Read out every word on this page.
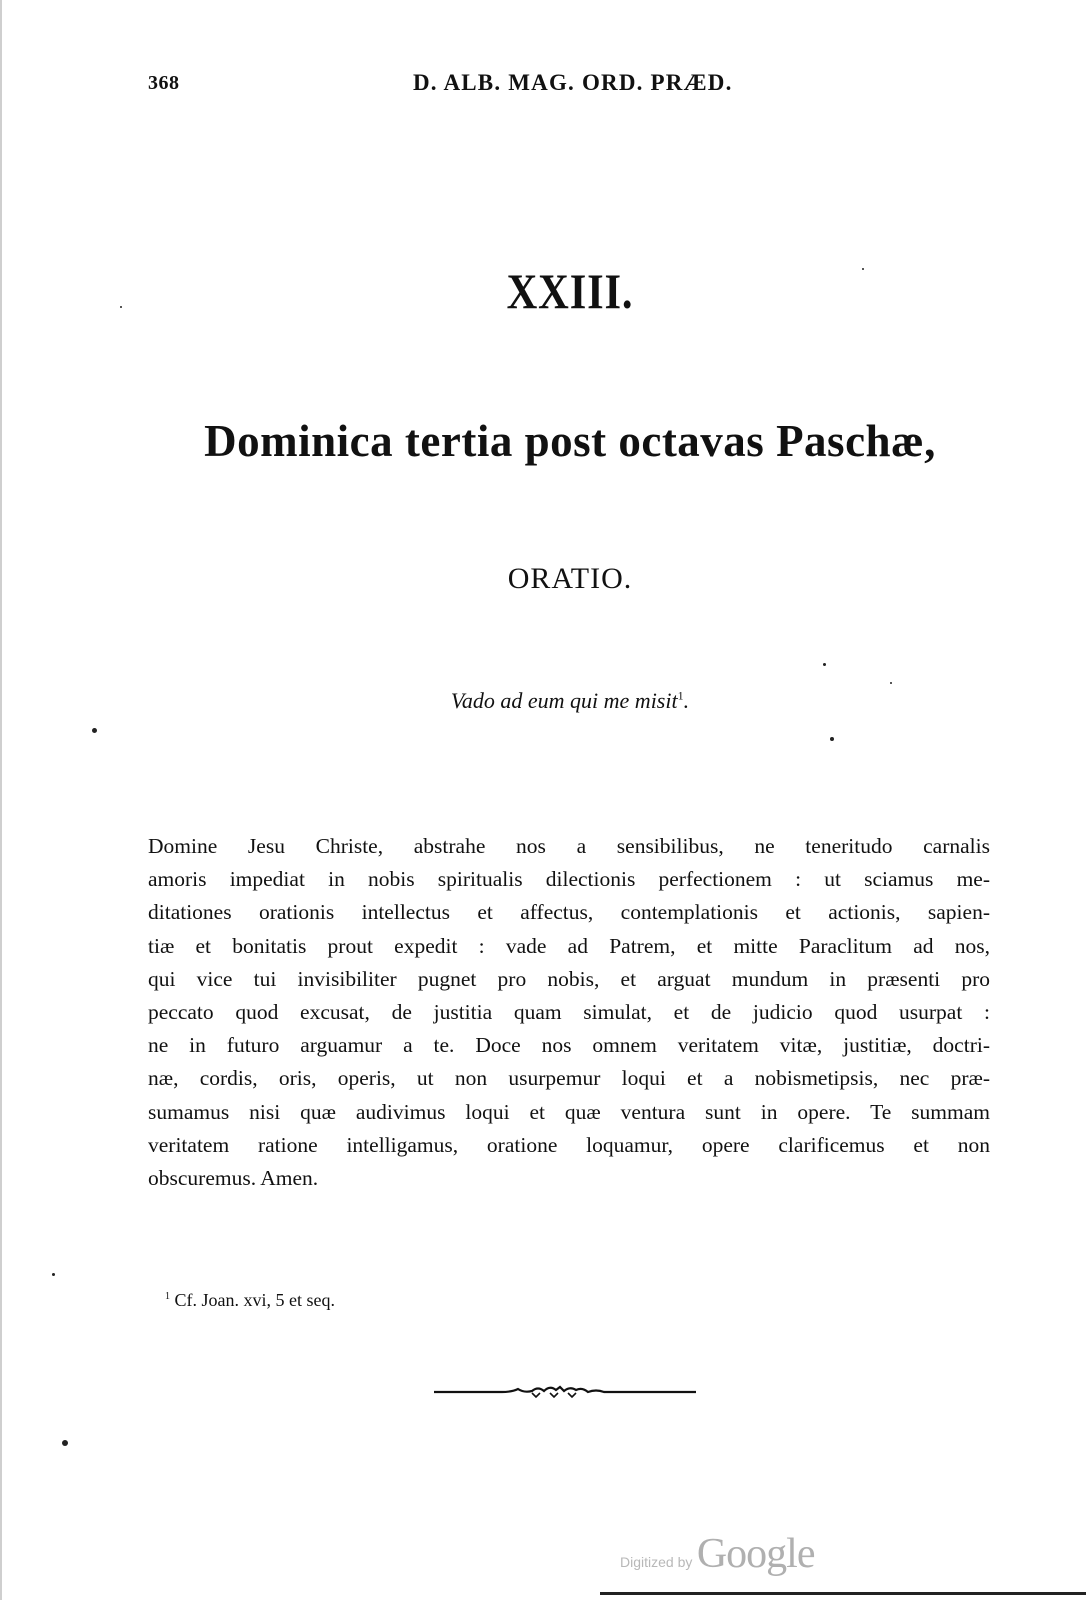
368	D. ALB. MAG. ORD. PRÆD.
XXIII.
Dominica tertia post octavas Paschæ,
ORATIO.
Vado ad eum qui me misit$^1$.
Domine Jesu Christe, abstrahe nos a sensibilibus, ne teneritudo carnalis
amoris impediat in nobis spiritualis dilectionis perfectionem : ut sciamus me-
ditationes orationis intellectus et affectus, contemplationis et actionis, sapien-
tiæ et bonitatis prout expedit : vade ad Patrem, et mitte Paraclitum ad nos,
qui vice tui invisibiliter pugnet pro nobis, et arguat mundum in præsenti pro
peccato quod excusat, de justitia quam simulat, et de judicio quod usurpat :
ne in futuro arguamur a te. Doce nos omnem veritatem vitæ, justitiæ, doctri-
næ, cordis, oris, operis, ut non usurpemur loqui et a nobismetipsis, nec præ-
sumamus nisi quæ audivimus loqui et quæ ventura sunt in opere. Te summam
veritatem ratione intelligamus, oratione loquamur, opere clarificemus et non
obscuremus. Amen.
$^1$ Cf. Joan. xvi, 5 et seq.
Digitized by Google
